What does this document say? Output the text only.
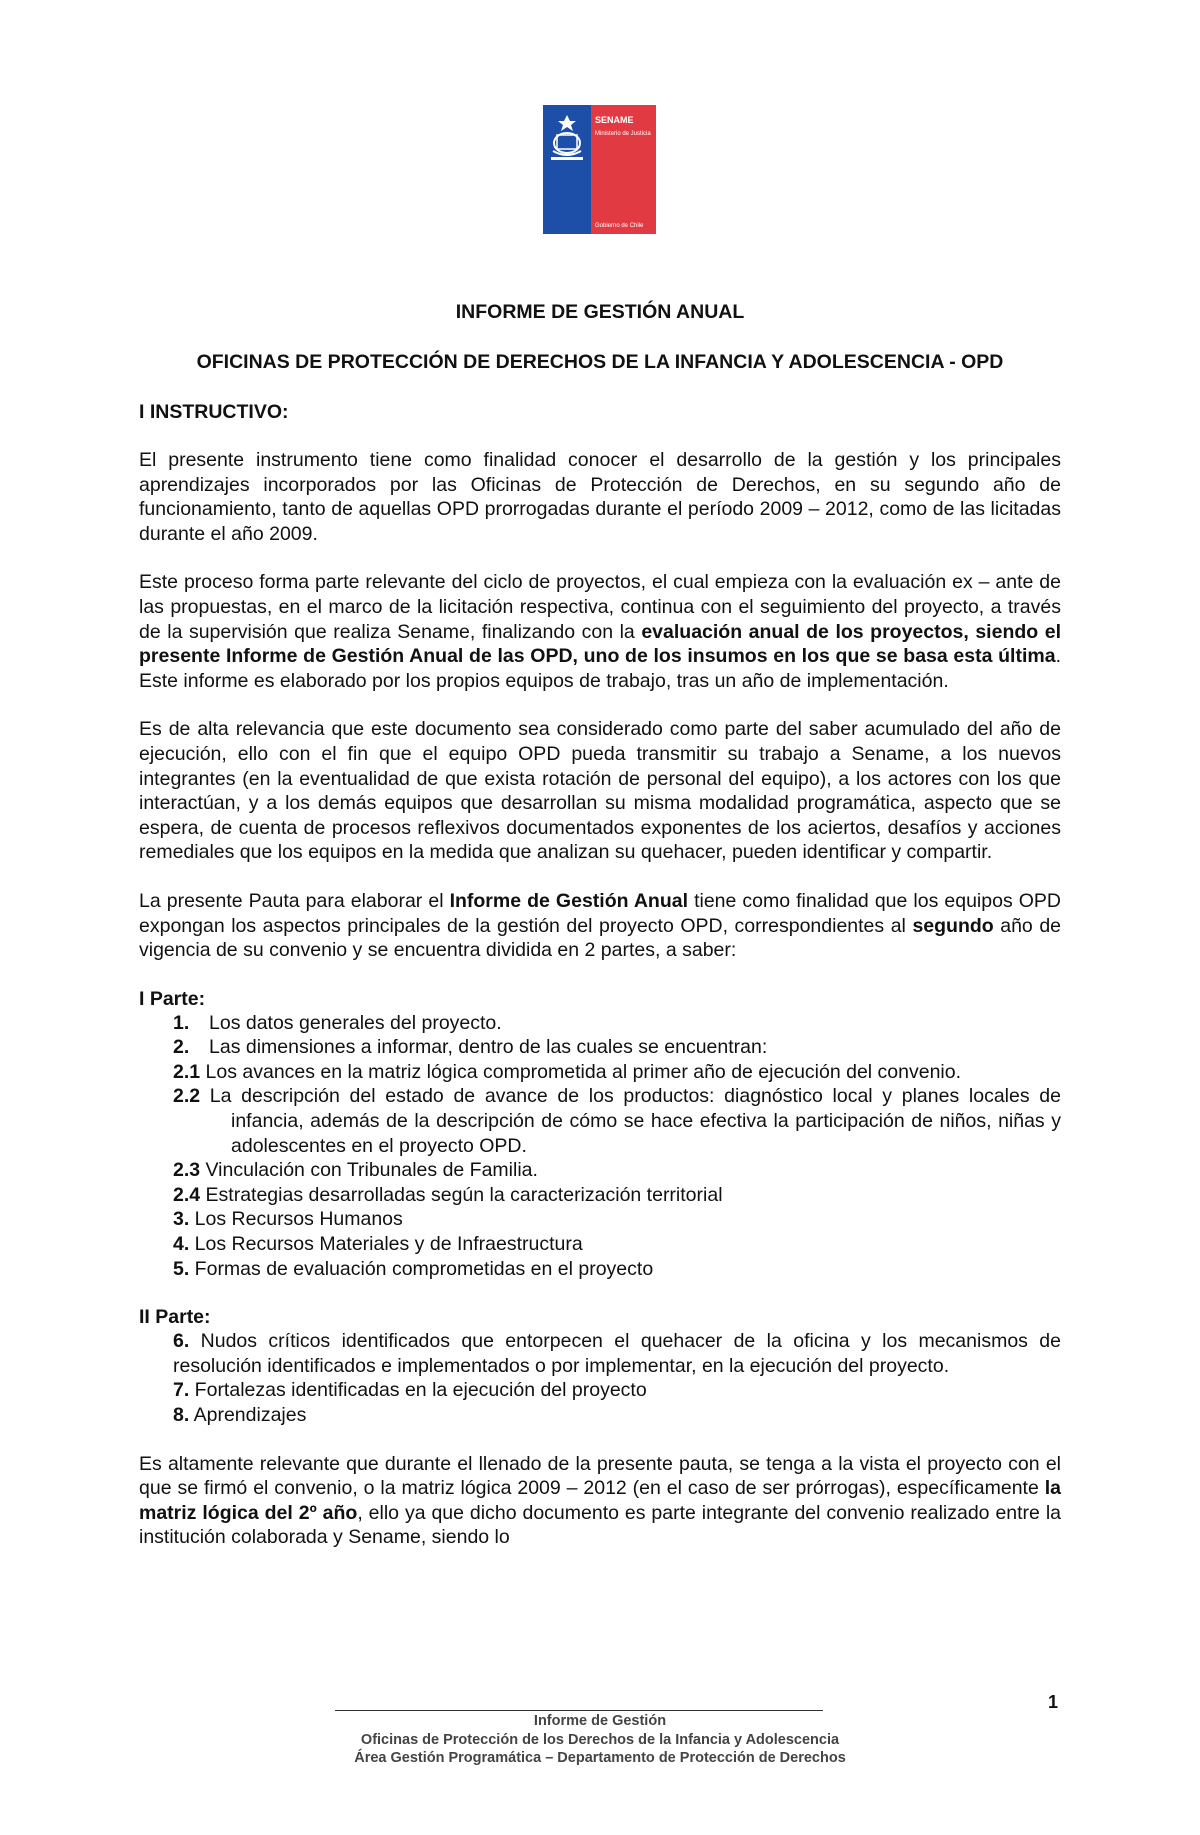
SENAME
Ministerio de Justicia
Gobierno de Chile
INFORME DE GESTIÓN ANUAL
OFICINAS DE PROTECCIÓN DE DERECHOS DE LA INFANCIA Y ADOLESCENCIA - OPD
I INSTRUCTIVO:

El presente instrumento tiene como finalidad conocer el desarrollo de la gestión y los principales aprendizajes incorporados por las Oficinas de Protección de Derechos, en su segundo año de funcionamiento, tanto de aquellas OPD prorrogadas durante el período 2009 – 2012, como de las licitadas durante el año 2009.

Este proceso forma parte relevante del ciclo de proyectos, el cual empieza con la evaluación ex – ante de las propuestas, en el marco de la licitación respectiva, continua con el seguimiento del proyecto, a través de la supervisión que realiza Sename, finalizando con la evaluación anual de los proyectos, siendo el presente Informe de Gestión Anual de las OPD, uno de los insumos en los que se basa esta última. Este informe es elaborado por los propios equipos de trabajo, tras un año de implementación.

Es de alta relevancia que este documento sea considerado como parte del saber acumulado del año de ejecución, ello con el fin que el equipo OPD pueda transmitir su trabajo a Sename, a los nuevos integrantes (en la eventualidad de que exista rotación de personal del equipo), a los actores con los que interactúan, y a los demás equipos que desarrollan su misma modalidad programática, aspecto que se espera, de cuenta de procesos reflexivos documentados exponentes de los aciertos, desafíos y acciones remediales que los equipos en la medida que analizan su quehacer, pueden identificar y compartir.

La presente Pauta para elaborar el Informe de Gestión Anual tiene como finalidad que los equipos OPD expongan los aspectos principales de la gestión del proyecto OPD, correspondientes al segundo año de vigencia de su convenio y se encuentra dividida en 2 partes, a saber:

I Parte:
1. Los datos generales del proyecto.
2. Las dimensiones a informar, dentro de las cuales se encuentran:
2.1 Los avances en la matriz lógica comprometida al primer año de ejecución del convenio.
2.2 La descripción del estado de avance de los productos: diagnóstico local y planes locales de infancia, además de la descripción de cómo se hace efectiva la participación de niños, niñas y adolescentes en el proyecto OPD.
2.3 Vinculación con Tribunales de Familia.
2.4 Estrategias desarrolladas según la caracterización territorial
3. Los Recursos Humanos
4. Los Recursos Materiales y de Infraestructura
5. Formas de evaluación comprometidas en el proyecto
II Parte:
6. Nudos críticos identificados que entorpecen el quehacer de la oficina y los mecanismos de resolución identificados e implementados o por implementar, en la ejecución del proyecto.
7. Fortalezas identificadas en la ejecución del proyecto
8. Aprendizajes

Es altamente relevante que durante el llenado de la presente pauta, se tenga a la vista el proyecto con el que se firmó el convenio, o la matriz lógica 2009 – 2012 (en el caso de ser prórrogas), específicamente la matriz lógica del 2º año, ello ya que dicho documento es parte integrante del convenio realizado entre la institución colaborada y Sename, siendo lo

1
Informe de Gestión
Oficinas de Protección de los Derechos de la Infancia y Adolescencia
Área Gestión Programática – Departamento de Protección de Derechos
